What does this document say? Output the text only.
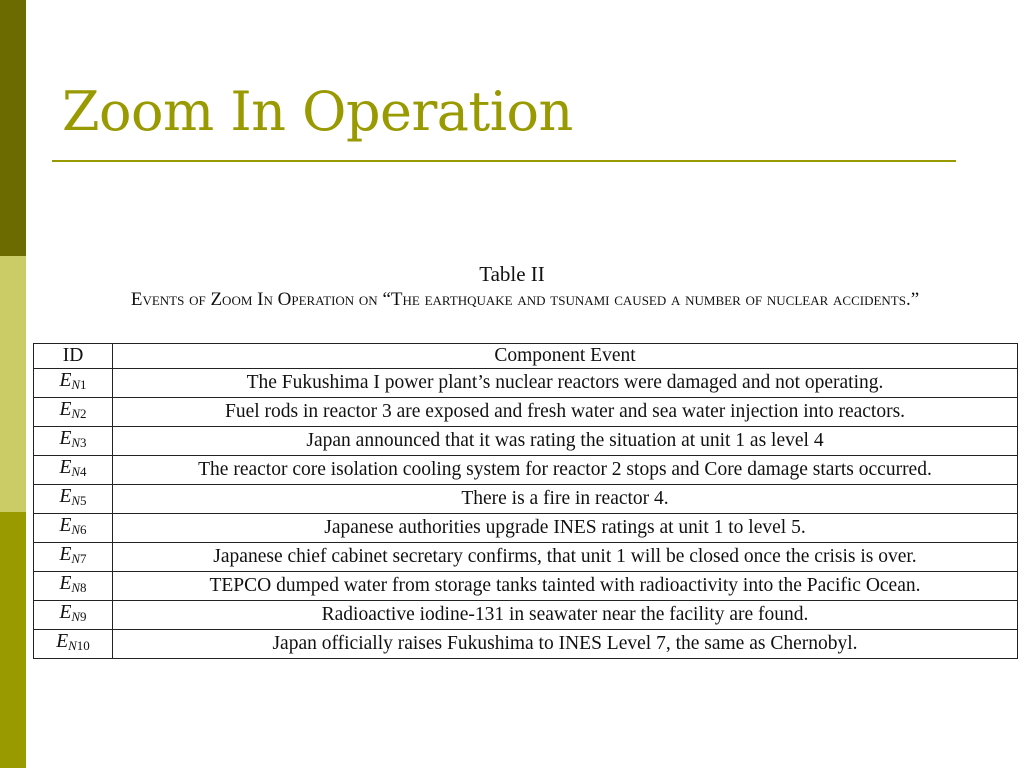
Zoom In Operation
Table II
Events of Zoom In Operation on “The earthquake and tsunami caused a number of nuclear accidents.”
ID	Component Event
$E_{N1}$	The Fukushima I power plant’s nuclear reactors were damaged and not operating.
$E_{N2}$	Fuel rods in reactor 3 are exposed and fresh water and sea water injection into reactors.
$E_{N3}$	Japan announced that it was rating the situation at unit 1 as level 4
$E_{N4}$	The reactor core isolation cooling system for reactor 2 stops and Core damage starts occurred.
$E_{N5}$	There is a fire in reactor 4.
$E_{N6}$	Japanese authorities upgrade INES ratings at unit 1 to level 5.
$E_{N7}$	Japanese chief cabinet secretary confirms, that unit 1 will be closed once the crisis is over.
$E_{N8}$	TEPCO dumped water from storage tanks tainted with radioactivity into the Pacific Ocean.
$E_{N9}$	Radioactive iodine-131 in seawater near the facility are found.
$E_{N10}$	Japan officially raises Fukushima to INES Level 7, the same as Chernobyl.
